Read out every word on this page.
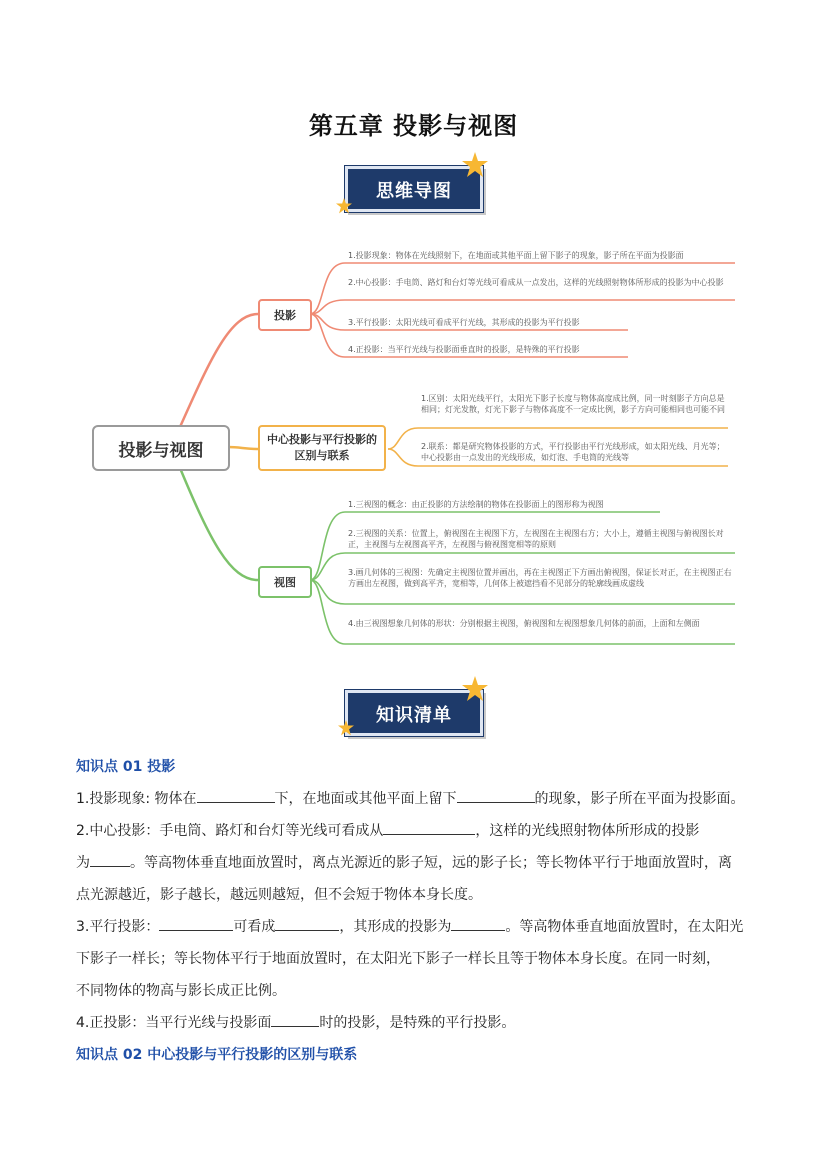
第五章 投影与视图
思维导图
投影与视图
投影
中心投影与平行投影的区别与联系
视图
1.投影现象：物体在光线照射下，在地面或其他平面上留下影子的现象，影子所在平面为投影面
2.中心投影：手电筒、路灯和台灯等光线可看成从一点发出，这样的光线照射物体所形成的投影为中心投影
3.平行投影：太阳光线可看成平行光线，其形成的投影为平行投影
4.正投影：当平行光线与投影面垂直时的投影，是特殊的平行投影
1.区别：太阳光线平行，太阳光下影子长度与物体高度成比例，同一时刻影子方向总是相同；灯光发散，灯光下影子与物体高度不一定成比例，影子方向可能相同也可能不同
2.联系：都是研究物体投影的方式，平行投影由平行光线形成，如太阳光线、月光等；中心投影由一点发出的光线形成，如灯泡、手电筒的光线等
1.三视图的概念：由正投影的方法绘制的物体在投影面上的图形称为视图
2.三视图的关系：位置上，俯视图在主视图下方，左视图在主视图右方；大小上，遵循主视图与俯视图长对正，主视图与左视图高平齐，左视图与俯视图宽相等的原则
3.画几何体的三视图：先确定主视图位置并画出，再在主视图正下方画出俯视图，保证长对正，在主视图正右方画出左视图，做到高平齐，宽相等，几何体上被遮挡看不见部分的轮廓线画成虚线
4.由三视图想象几何体的形状：分别根据主视图，俯视图和左视图想象几何体的前面，上面和左侧面
知识清单
知识点 01 投影

1.投影现象: 物体在	下，在地面或其他平面上留下	的现象，影子所在平面为投影面。

2.中心投影：手电筒、路灯和台灯等光线可看成从	，这样的光线照射物体所形成的投影
为	。等高物体垂直地面放置时，离点光源近的影子短，远的影子长；等长物体平行于地面放置时，离
点光源越近，影子越长，越远则越短，但不会短于物体本身长度。

3.平行投影：	可看成	，其形成的投影为	。等高物体垂直地面放置时，在太阳光
下影子一样长；等长物体平行于地面放置时，在太阳光下影子一样长且等于物体本身长度。在同一时刻，
不同物体的物高与影长成正比例。

4.正投影：当平行光线与投影面	时的投影，是特殊的平行投影。

知识点 02 中心投影与平行投影的区别与联系
